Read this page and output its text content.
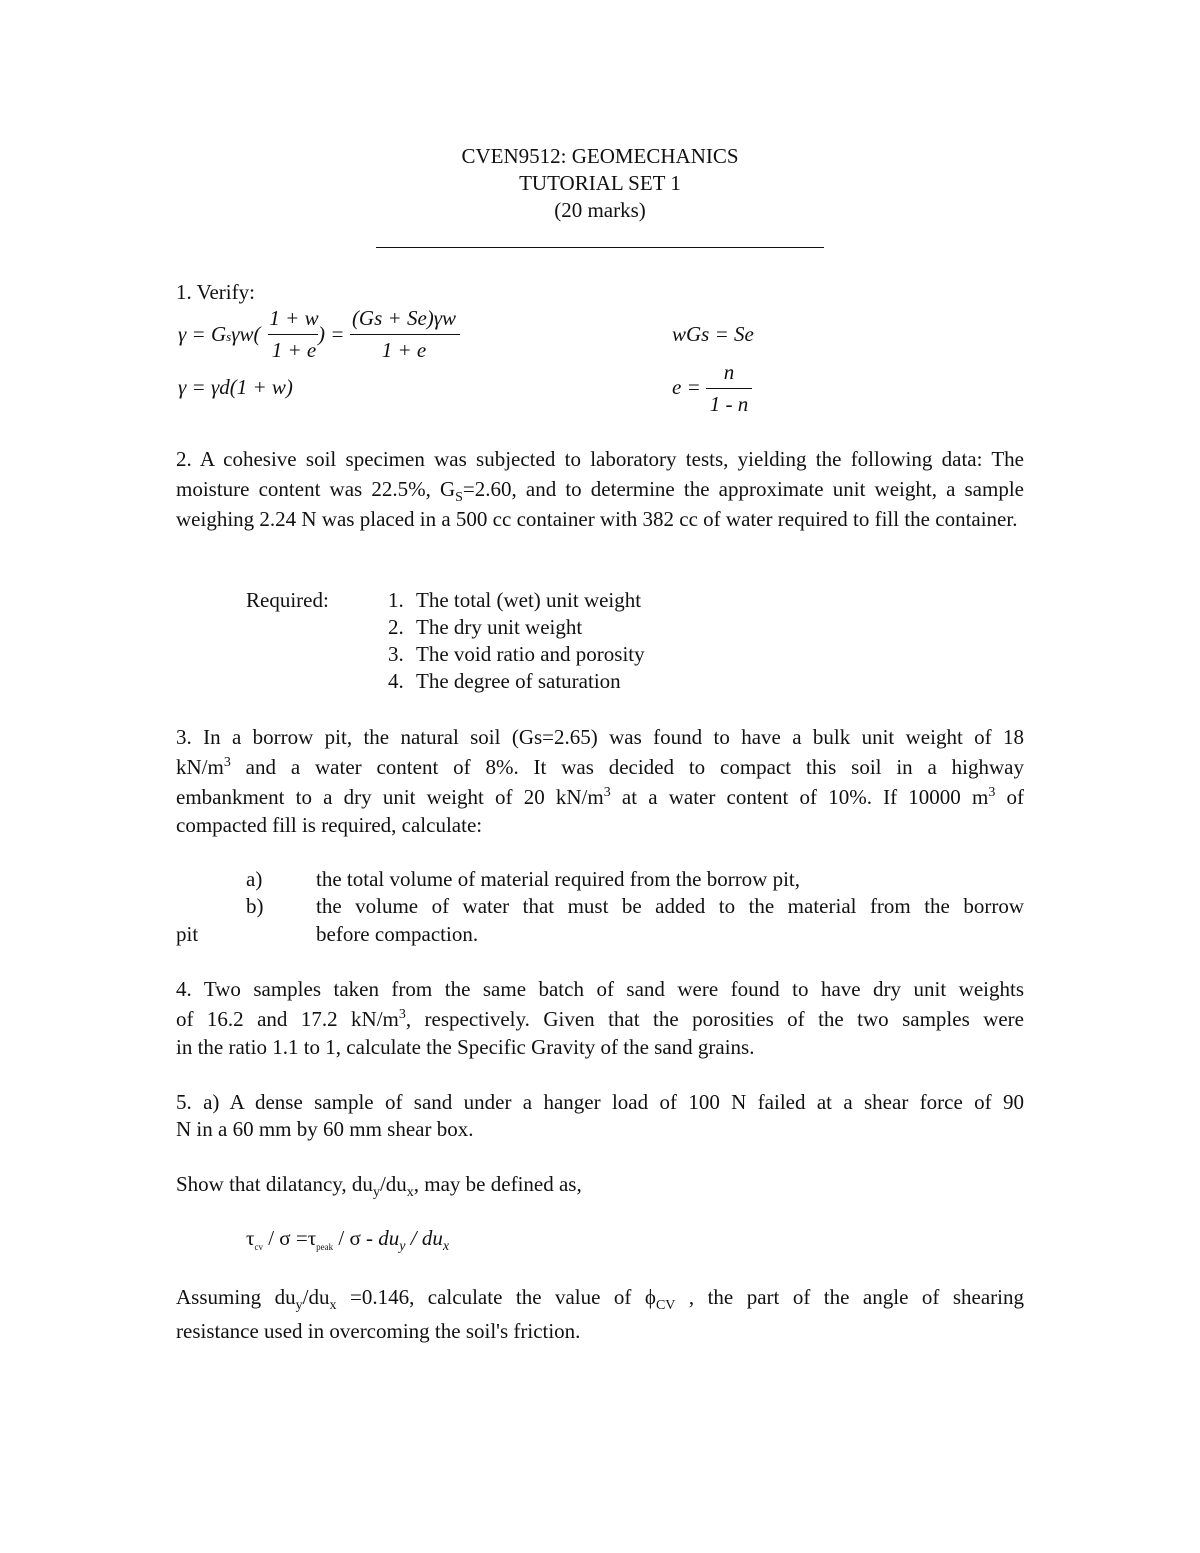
CVEN9512: GEOMECHANICS
TUTORIAL SET 1
(20 marks)
1. Verify:
γ = Gsγw(
1 + w
1 + e
) =
(Gs + Se)γw
1 + e
wGs = Se
γ = γd(1 + w)	e =
n
1 - n
2. A cohesive soil specimen was subjected to laboratory tests, yielding the following data: The moisture content was 22.5%, $G_S=2.60$, and to determine the approximate unit weight, a sample weighing 2.24 N was placed in a 500 cc container with 382 cc of water required to fill the container.
Required:	1. The total (wet) unit weight
2. The dry unit weight
3. The void ratio and porosity
4. The degree of saturation
3. In a borrow pit, the natural soil (Gs=2.65) was found to have a bulk unit weight of 18
$kN/m^3$ and a water content of 8%. It was decided to compact this soil in a highway
embankment to a dry unit weight of 20 $kN/m^3$ at a water content of 10%. If 10000 $m^3$ of
compacted fill is required, calculate:
a)	the total volume of material required from the borrow pit,
b)	the volume of water that must be added to the material from the borrow
pit	before compaction.
4. Two samples taken from the same batch of sand were found to have dry unit weights
of 16.2 and 17.2 $kN/m^3$, respectively. Given that the porosities of the two samples were
in the ratio 1.1 to 1, calculate the Specific Gravity of the sand grains.
5. a) A dense sample of sand under a hanger load of 100 N failed at a shear force of 90
N in a 60 mm by 60 mm shear box.
Show that dilatancy, $du_y/du_x$, may be defined as,
$\tau_{cv} / \sigma =\tau_{peak} / \sigma - du_y / du_x$
Assuming $du_y/du_x =0.146$, calculate the value of $\phi_{CV}$ , the part of the angle of shearing
resistance used in overcoming the soil's friction.
